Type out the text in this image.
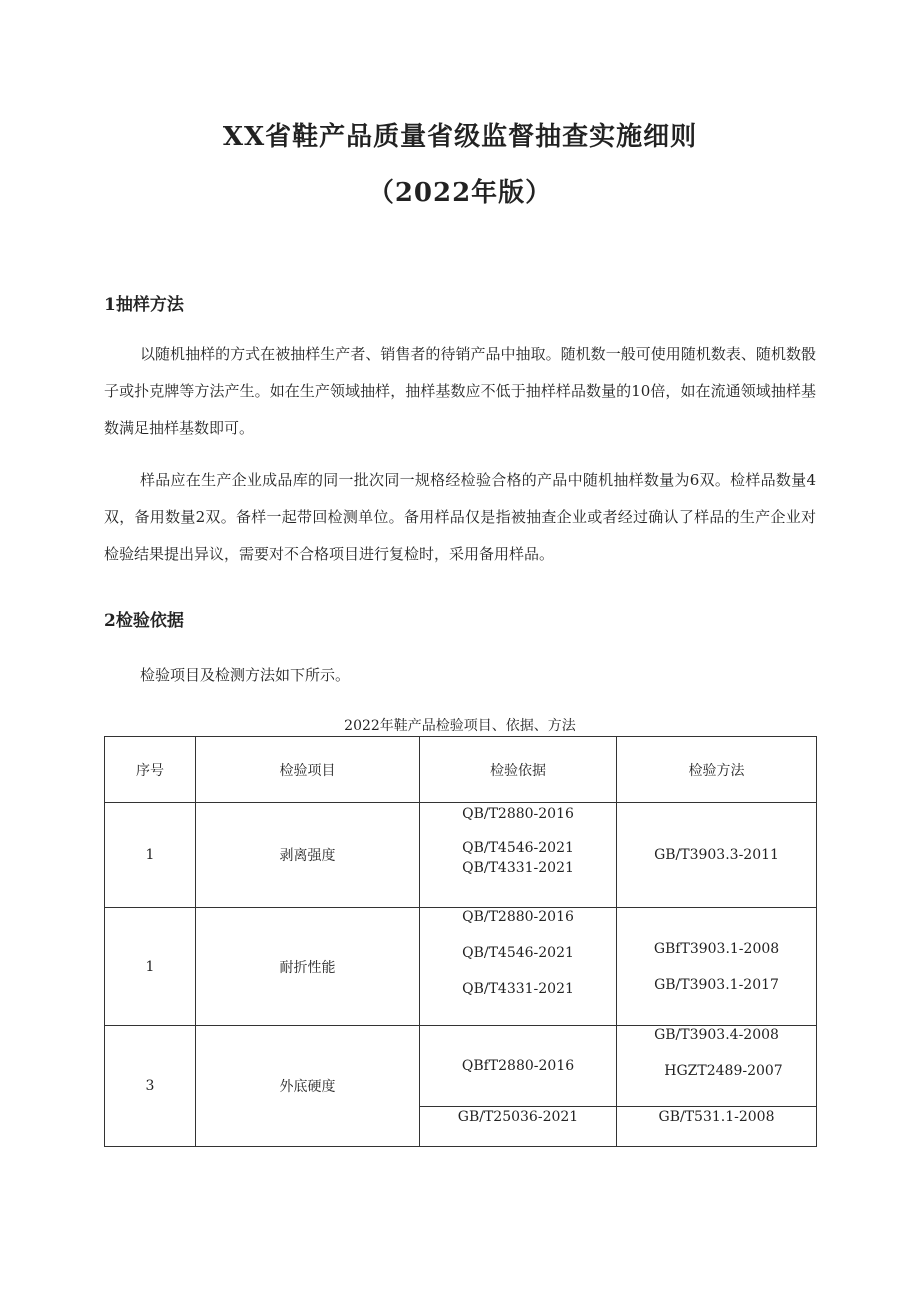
XX省鞋产品质量省级监督抽查实施细则
（2022年版）
1抽样方法

以随机抽样的方式在被抽样生产者、销售者的待销产品中抽取。随机数一般可使用随机数表、随机数骰子或扑克牌等方法产生。如在生产领域抽样，抽样基数应不低于抽样样品数量的10倍，如在流通领域抽样基数满足抽样基数即可。

样品应在生产企业成品库的同一批次同一规格经检验合格的产品中随机抽样数量为6双。检样品数量4双，备用数量2双。备样一起带回检测单位。备用样品仅是指被抽查企业或者经过确认了样品的生产企业对检验结果提出异议，需要对不合格项目进行复检时，采用备用样品。

2检验依据

检验项目及检测方法如下所示。

2022年鞋产品检验项目、依据、方法
序号	检验项目	检验依据	检验方法
1	剥离强度	QB/T2880-2016
QB/T4546-2021
QB/T4331-2021	GB/T3903.3-2011
1	耐折性能	QB/T2880-2016
QB/T4546-2021
QB/T4331-2021	GBfT3903.1-2008
GB/T3903.1-2017

3	外底硬度	QBfT2880-2016	GB/T3903.4-2008
HGZT2489-2007

		GB/T25036-2021	GB/T531.1-2008
